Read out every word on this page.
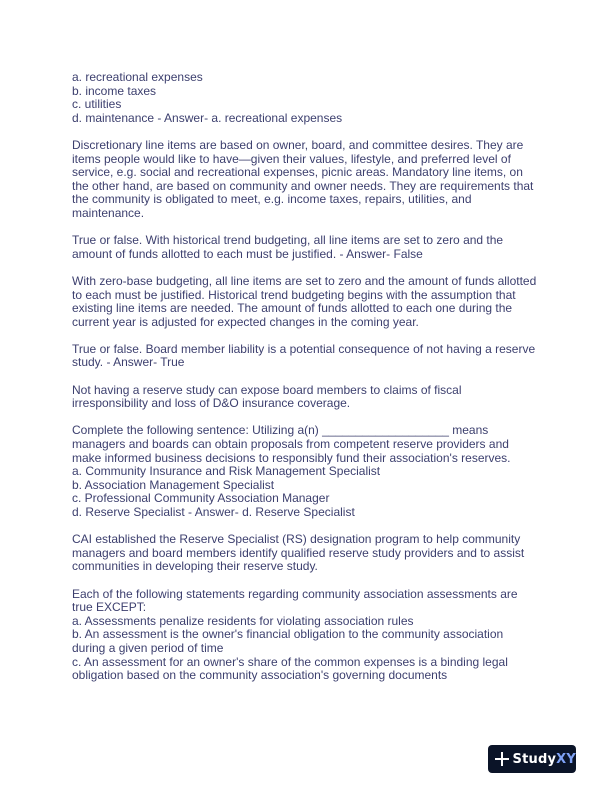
a. recreational expenses
b. income taxes
c. utilities
d. maintenance - Answer- a. recreational expenses
Discretionary line items are based on owner, board, and committee desires. They are
items people would like to have—given their values, lifestyle, and preferred level of
service, e.g. social and recreational expenses, picnic areas. Mandatory line items, on
the other hand, are based on community and owner needs. They are requirements that
the community is obligated to meet, e.g. income taxes, repairs, utilities, and
maintenance.
True or false. With historical trend budgeting, all line items are set to zero and the
amount of funds allotted to each must be justified. - Answer- False
With zero-base budgeting, all line items are set to zero and the amount of funds allotted
to each must be justified. Historical trend budgeting begins with the assumption that
existing line items are needed. The amount of funds allotted to each one during the
current year is adjusted for expected changes in the coming year.
True or false. Board member liability is a potential consequence of not having a reserve
study. - Answer- True
Not having a reserve study can expose board members to claims of fiscal
irresponsibility and loss of D&O insurance coverage.
Complete the following sentence: Utilizing a(n) ___________________ means
managers and boards can obtain proposals from competent reserve providers and
make informed business decisions to responsibly fund their association's reserves.
a. Community Insurance and Risk Management Specialist
b. Association Management Specialist
c. Professional Community Association Manager
d. Reserve Specialist - Answer- d. Reserve Specialist
CAI established the Reserve Specialist (RS) designation program to help community
managers and board members identify qualified reserve study providers and to assist
communities in developing their reserve study.
Each of the following statements regarding community association assessments are
true EXCEPT:
a. Assessments penalize residents for violating association rules
b. An assessment is the owner's financial obligation to the community association
during a given period of time
c. An assessment for an owner's share of the common expenses is a binding legal
obligation based on the community association's governing documents
StudyXY
